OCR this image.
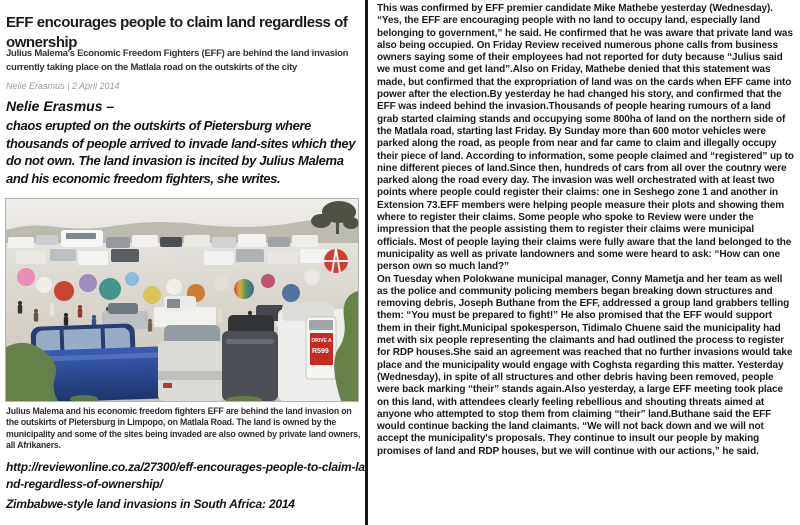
EFF encourages people to claim land regardless of ownership
Julius Malema's Economic Freedom Fighters (EFF) are behind the land invasion currently taking place on the Matlala road on the outskirts of the city
Nelie Erasmus | 2 April 2014
Nelie Erasmus –
chaos erupted on the outskirts of Pietersburg where thousands of people arrived to invade land-sites which they do not own. The land invasion is incited by Julius Malema and his economic freedom fighters, she writes.
DRIVE A
R599
Julius Malema and his economic freedom fighters EFF are behind the land invasion on the outskirts of Pietersburg in Limpopo, on Matlala Road. The land is owned by the municipality and some of the sites being invaded are also owned by private land owners, all Afrikaners.
http://reviewonline.co.za/27300/eff-encourages-people-to-claim-land-regardless-of-ownership/
Zimbabwe-style land invasions in South Africa: 2014

This was confirmed by EFF premier candidate Mike Mathebe yesterday (Wednesday). “Yes, the EFF are encouraging people with no land to occupy land, especially land belonging to government,” he said. He confirmed that he was aware that private land was also being occupied. On Friday Review received numerous phone calls from business owners saying some of their employees had not reported for duty because “Julius said we must come and get land”.Also on Friday, Mathebe denied that this statement was made, but confirmed that the expropriation of land was on the cards when EFF came into power after the election.By yesterday he had changed his story, and confirmed that the EFF was indeed behind the invasion.Thousands of people hearing rumours of a land grab started claiming stands and occupying some 800ha of land on the northern side of the Matlala road, starting last Friday. By Sunday more than 600 motor vehicles were parked along the road, as people from near and far came to claim and illegally occupy their piece of land. According to information, some people claimed and “registered” up to nine different pieces of land.Since then, hundreds of cars from all over the coutnry were parked along the road every day. The invasion was well orchestrated with at least two points where people could register their claims: one in Seshego zone 1 and another in Extension 73.EFF members were helping people measure their plots and showing them where to register their claims. Some people who spoke to Review were under the impression that the people assisting them to register their claims were municipal officials. Most of people laying their claims were fully aware that the land belonged to the municipality as well as private landowners and some were heard to ask: “How can one person own so much land?”

On Tuesday when Polokwane municipal manager, Conny Mametja and her team as well as the police and community policing members began breaking down structures and removing debris, Joseph Buthane from the EFF, addressed a group land grabbers telling them: “You must be prepared to fight!” He also promised that the EFF would support them in their fight.Municipal spokesperson, Tidimalo Chuene said the municipality had met with six people representing the claimants and had outlined the process to register for RDP houses.She said an agreement was reached that no further invasions would take place and the municipality would engage with Coghsta regarding this matter. Yesterday (Wednesday), in spite of all structures and other debris having been removed, people were back marking “their” stands again.Also yesterday, a large EFF meeting took place on this land, with attendees clearly feeling rebellious and shouting threats aimed at anyone who attempted to stop them from claiming “their” land.Buthane said the EFF would continue backing the land claimants. “We will not back down and we will not accept the municipality's proposals. They continue to insult our people by making promises of land and RDP houses, but we will continue with our actions,” he said.
